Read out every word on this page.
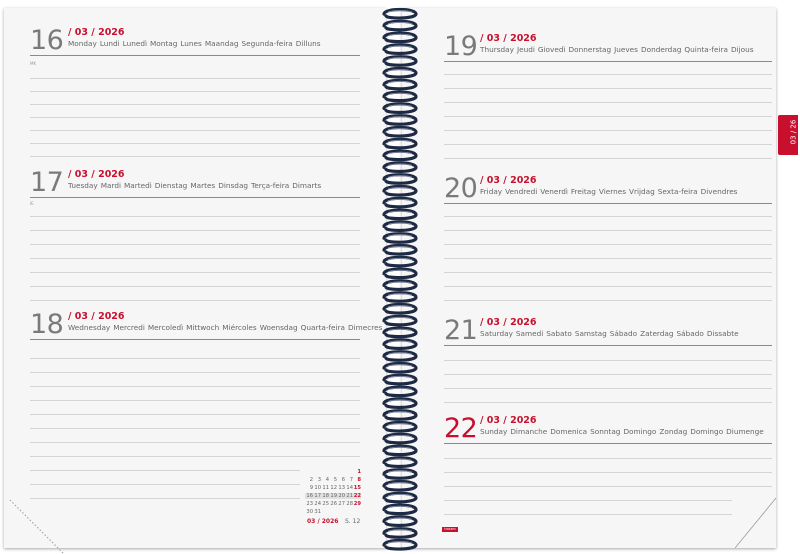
16 / 03 / 2026
Monday Lundi Lunedì Montag Lunes Maandag Segunda-feira Dilluns
MK
17 / 03 / 2026
Tuesday Mardi Martedì Dienstag Martes Dinsdag Terça-feira Dimarts
IE
18 / 03 / 2026
Wednesday Mercredi Mercoledì Mittwoch Miércoles Woensdag Quarta-feira Dimecres
1
2 3 4 5 6 7 8
9 10 11 12 13 14 15
16 17 18 19 20 21 22
23 24 25 26 27 28 29
30 31
03 / 2026 S. 12
19 / 03 / 2026
Thursday Jeudi Giovedì Donnerstag Jueves Donderdag Quinta-feira Dijous
20 / 03 / 2026
Friday Vendredi Venerdì Freitag Viernes Vrijdag Sexta-feira Divendres
21 / 03 / 2026
Saturday Samedi Sabato Samstag Sábado Zaterdag Sábado Dissabte
22 / 03 / 2026
Sunday Dimanche Domenica Sonntag Domingo Zondag Domingo Diumenge
trocam
03 / 26
